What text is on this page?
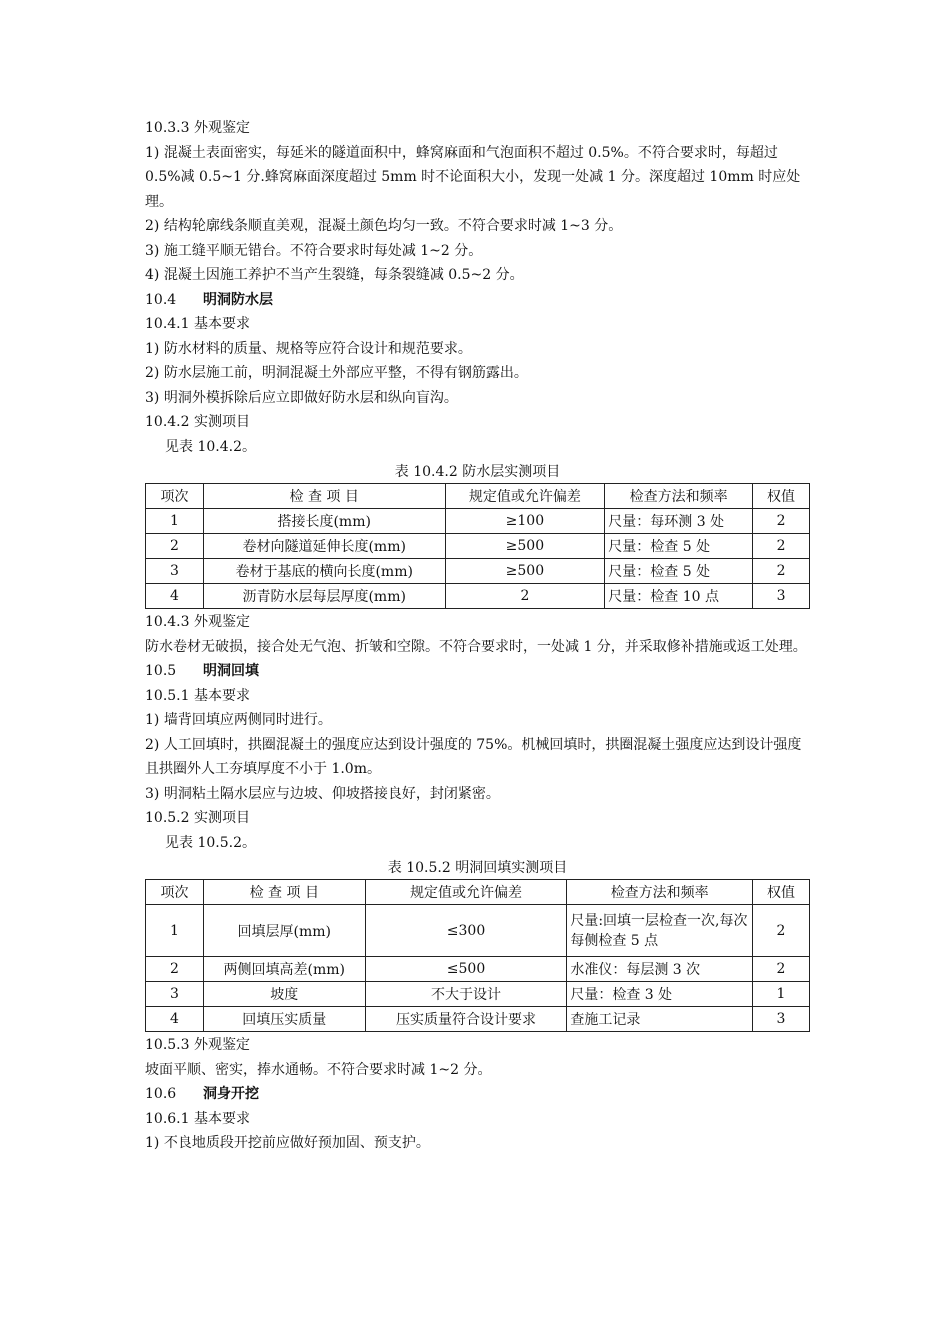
10.3.3 外观鉴定
1) 混凝土表面密实，每延米的隧道面积中，蜂窝麻面和气泡面积不超过 0.5%。不符合要求时，每超过 0.5%减 0.5~1 分.蜂窝麻面深度超过 5mm 时不论面积大小，发现一处减 1 分。深度超过 10mm 时应处理。
2) 结构轮廓线条顺直美观，混凝土颜色均匀一致。不符合要求时减 1~3 分。
3) 施工缝平顺无错台。不符合要求时每处减 1~2 分。
4) 混凝土因施工养护不当产生裂缝，每条裂缝减 0.5~2 分。
10.4 明洞防水层
10.4.1 基本要求
1) 防水材料的质量、规格等应符合设计和规范要求。
2) 防水层施工前，明洞混凝土外部应平整，不得有钢筋露出。
3) 明洞外模拆除后应立即做好防水层和纵向盲沟。
10.4.2 实测项目
见表 10.4.2。
表 10.4.2 防水层实测项目
项次	检 查 项 目	规定值或允许偏差	检查方法和频率	权值
1	搭接长度(mm)	≥100	尺量：每环测 3 处	2
2	卷材向隧道延伸长度(mm)	≥500	尺量：检查 5 处	2
3	卷材于基底的横向长度(mm)	≥500	尺量：检查 5 处	2
4	沥青防水层每层厚度(mm)	2	尺量：检查 10 点	3
10.4.3 外观鉴定
防水卷材无破损，接合处无气泡、折皱和空隙。不符合要求时，一处减 1 分，并采取修补措施或返工处理。
10.5 明洞回填
10.5.1 基本要求
1) 墙背回填应两侧同时进行。
2) 人工回填时，拱圈混凝土的强度应达到设计强度的 75%。机械回填时，拱圈混凝土强度应达到设计强度且拱圈外人工夯填厚度不小于 1.0m。
3) 明洞粘土隔水层应与边坡、仰坡搭接良好，封闭紧密。
10.5.2 实测项目
见表 10.5.2。
表 10.5.2 明洞回填实测项目
项次	检 查 项 目	规定值或允许偏差	检查方法和频率	权值
1	回填层厚(mm)	≤300	尺量:回填一层检查一次,每次每侧检查 5 点	2
2	两侧回填高差(mm)	≤500	水准仪：每层测 3 次	2
3	坡度	不大于设计	尺量：检查 3 处	1
4	回填压实质量	压实质量符合设计要求	查施工记录	3
10.5.3 外观鉴定
坡面平顺、密实，捧水通畅。不符合要求时减 1~2 分。
10.6 洞身开挖
10.6.1 基本要求
1) 不良地质段开挖前应做好预加固、预支护。
